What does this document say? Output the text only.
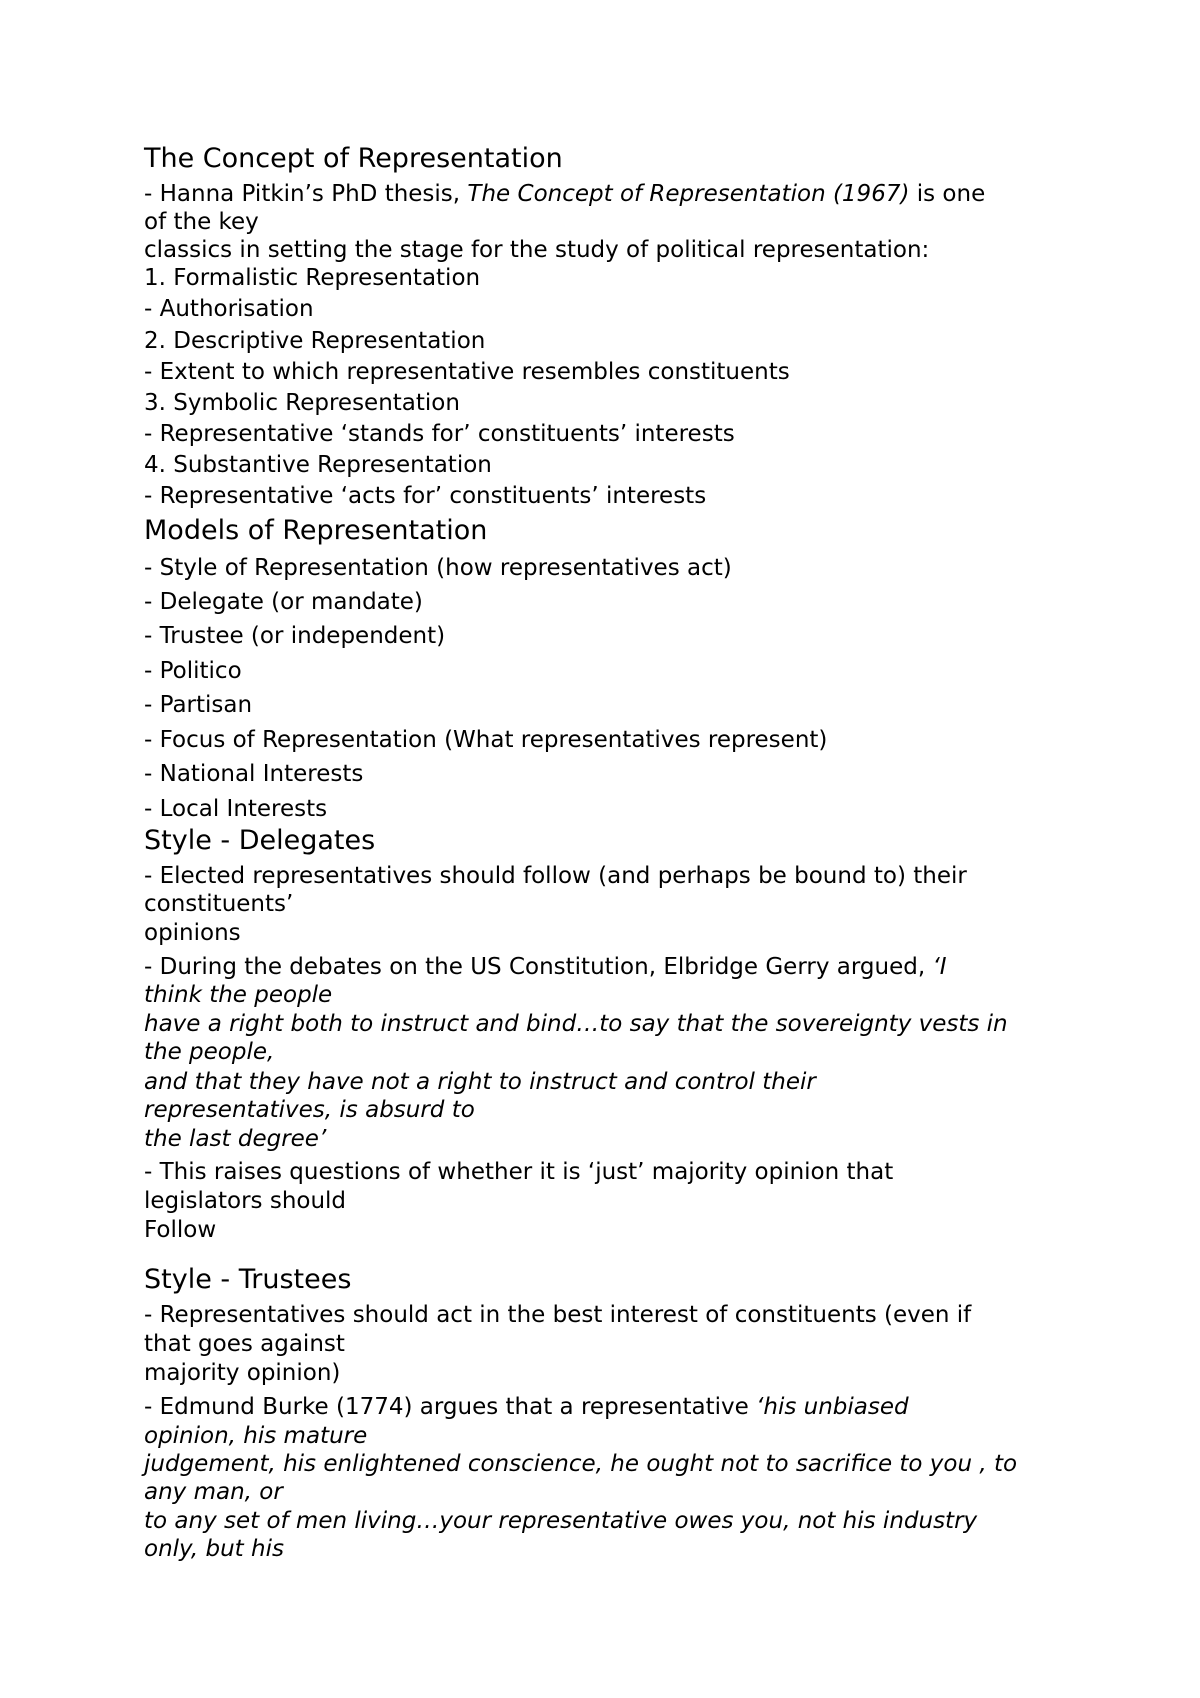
The Concept of Representation
- Hanna Pitkin’s PhD thesis, The Concept of Representation (1967) is one
of the key
classics in setting the stage for the study of political representation:
1. Formalistic Representation
- Authorisation
2. Descriptive Representation
- Extent to which representative resembles constituents
3. Symbolic Representation
- Representative ‘stands for’ constituents’ interests
4. Substantive Representation
- Representative ‘acts for’ constituents’ interests
Models of Representation
- Style of Representation (how representatives act)
- Delegate (or mandate)
- Trustee (or independent)
- Politico
- Partisan
- Focus of Representation (What representatives represent)
- National Interests
- Local Interests
Style - Delegates
- Elected representatives should follow (and perhaps be bound to) their
constituents’
opinions
- During the debates on the US Constitution, Elbridge Gerry argued, ‘I
think the people
have a right both to instruct and bind…to say that the sovereignty vests in
the people,
and that they have not a right to instruct and control their
representatives, is absurd to
the last degree’
- This raises questions of whether it is ‘just’ majority opinion that
legislators should
Follow
Style - Trustees
- Representatives should act in the best interest of constituents (even if
that goes against
majority opinion)
- Edmund Burke (1774) argues that a representative ‘his unbiased
opinion, his mature
judgement, his enlightened conscience, he ought not to sacrifice to you , to
any man, or
to any set of men living…your representative owes you, not his industry
only, but his
